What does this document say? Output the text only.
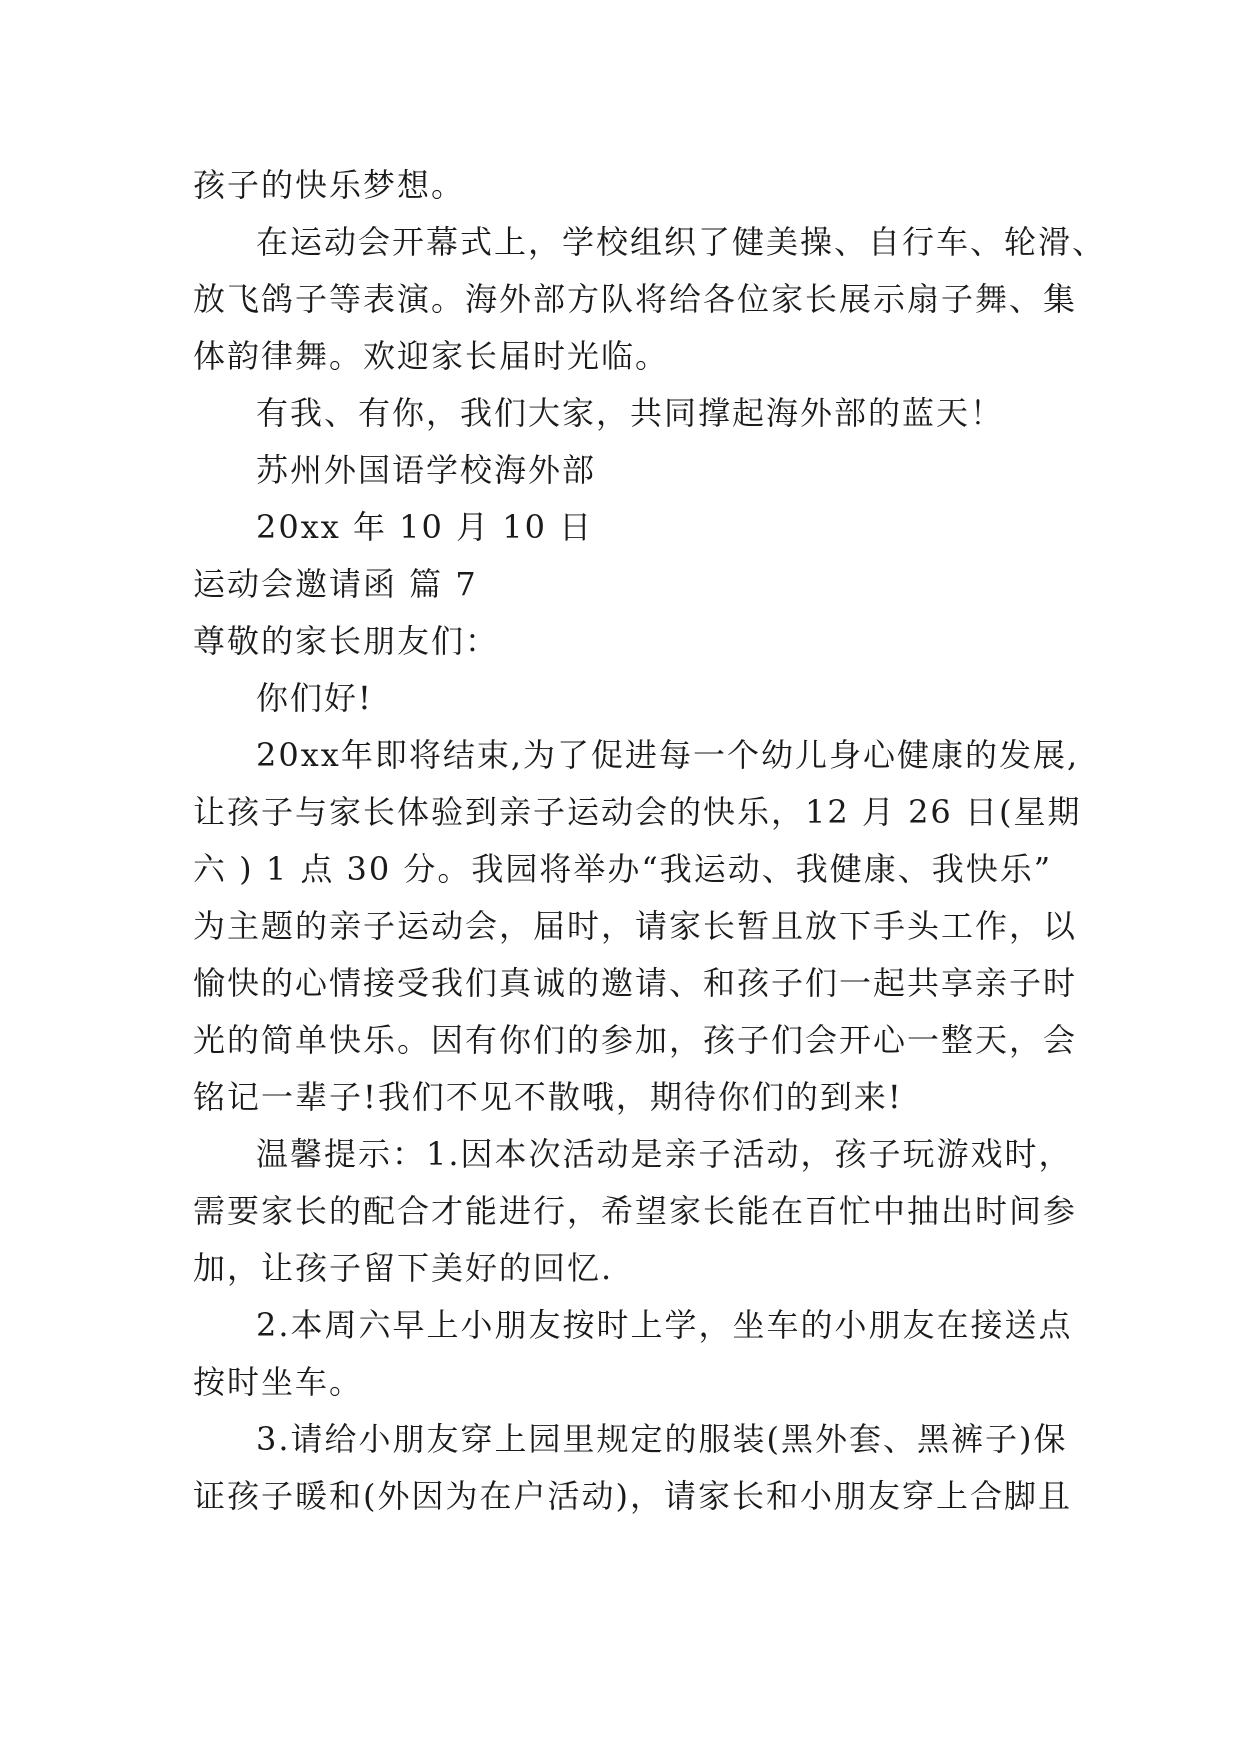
孩子的快乐梦想。
在运动会开幕式上，学校组织了健美操、自行车、轮滑、
放飞鸽子等表演。海外部方队将给各位家长展示扇子舞、集
体韵律舞。欢迎家长届时光临。
有我、有你，我们大家，共同撑起海外部的蓝天！
苏州外国语学校海外部
20xx 年 10 月 10 日
运动会邀请函 篇 7
尊敬的家长朋友们：
你们好!
20xx年即将结束,为了促进每一个幼儿身心健康的发展,
让孩子与家长体验到亲子运动会的快乐，12 月 26 日(星期
六 ) 1 点 30 分。我园将举办“我运动、我健康、我快乐”
为主题的亲子运动会，届时，请家长暂且放下手头工作，以
愉快的心情接受我们真诚的邀请、和孩子们一起共享亲子时
光的简单快乐。因有你们的参加，孩子们会开心一整天，会
铭记一辈子!我们不见不散哦，期待你们的到来!
温馨提示：1.因本次活动是亲子活动，孩子玩游戏时，
需要家长的配合才能进行，希望家长能在百忙中抽出时间参
加，让孩子留下美好的回忆.
2.本周六早上小朋友按时上学，坐车的小朋友在接送点
按时坐车。
3.请给小朋友穿上园里规定的服装(黑外套、黑裤子)保
证孩子暖和(外因为在户活动)，请家长和小朋友穿上合脚且
